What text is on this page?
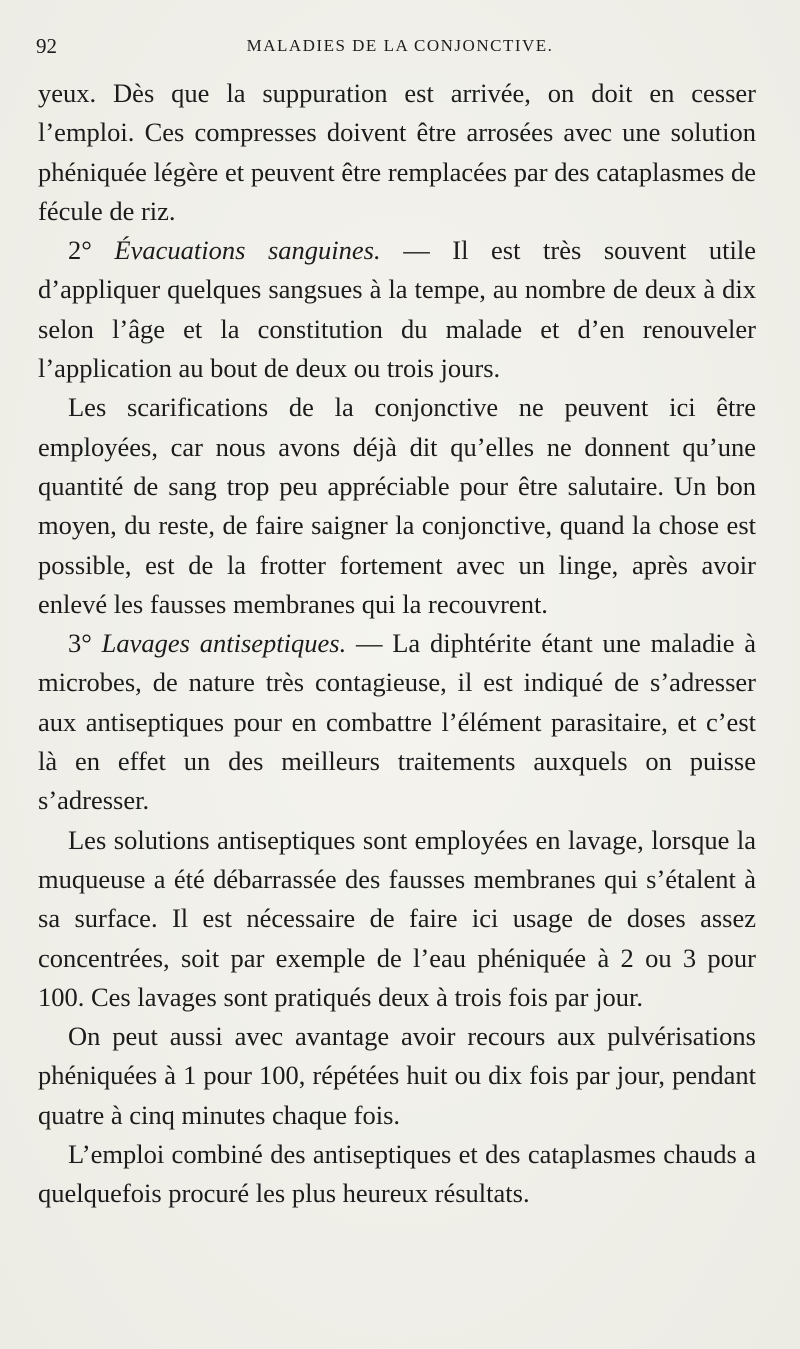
92	MALADIES DE LA CONJONCTIVE.

yeux. Dès que la suppuration est arrivée, on doit en cesser l’emploi. Ces compresses doivent être arrosées avec une solution phéniquée légère et peuvent être remplacées par des cataplasmes de fécule de riz.

2° Évacuations sanguines. — Il est très souvent utile d’appliquer quelques sangsues à la tempe, au nombre de deux à dix selon l’âge et la constitution du malade et d’en renouveler l’application au bout de deux ou trois jours.

Les scarifications de la conjonctive ne peuvent ici être employées, car nous avons déjà dit qu’elles ne donnent qu’une quantité de sang trop peu appréciable pour être salutaire. Un bon moyen, du reste, de faire saigner la conjonctive, quand la chose est possible, est de la frotter fortement avec un linge, après avoir enlevé les fausses membranes qui la recouvrent.

3° Lavages antiseptiques. — La diphtérite étant une maladie à microbes, de nature très contagieuse, il est indiqué de s’adresser aux antiseptiques pour en combattre l’élément parasitaire, et c’est là en effet un des meilleurs traitements auxquels on puisse s’adresser.

Les solutions antiseptiques sont employées en lavage, lorsque la muqueuse a été débarrassée des fausses membranes qui s’étalent à sa surface. Il est nécessaire de faire ici usage de doses assez concentrées, soit par exemple de l’eau phéniquée à 2 ou 3 pour 100. Ces lavages sont pratiqués deux à trois fois par jour.

On peut aussi avec avantage avoir recours aux pulvérisations phéniquées à 1 pour 100, répétées huit ou dix fois par jour, pendant quatre à cinq minutes chaque fois.

L’emploi combiné des antiseptiques et des cataplasmes chauds a quelquefois procuré les plus heureux résultats.
